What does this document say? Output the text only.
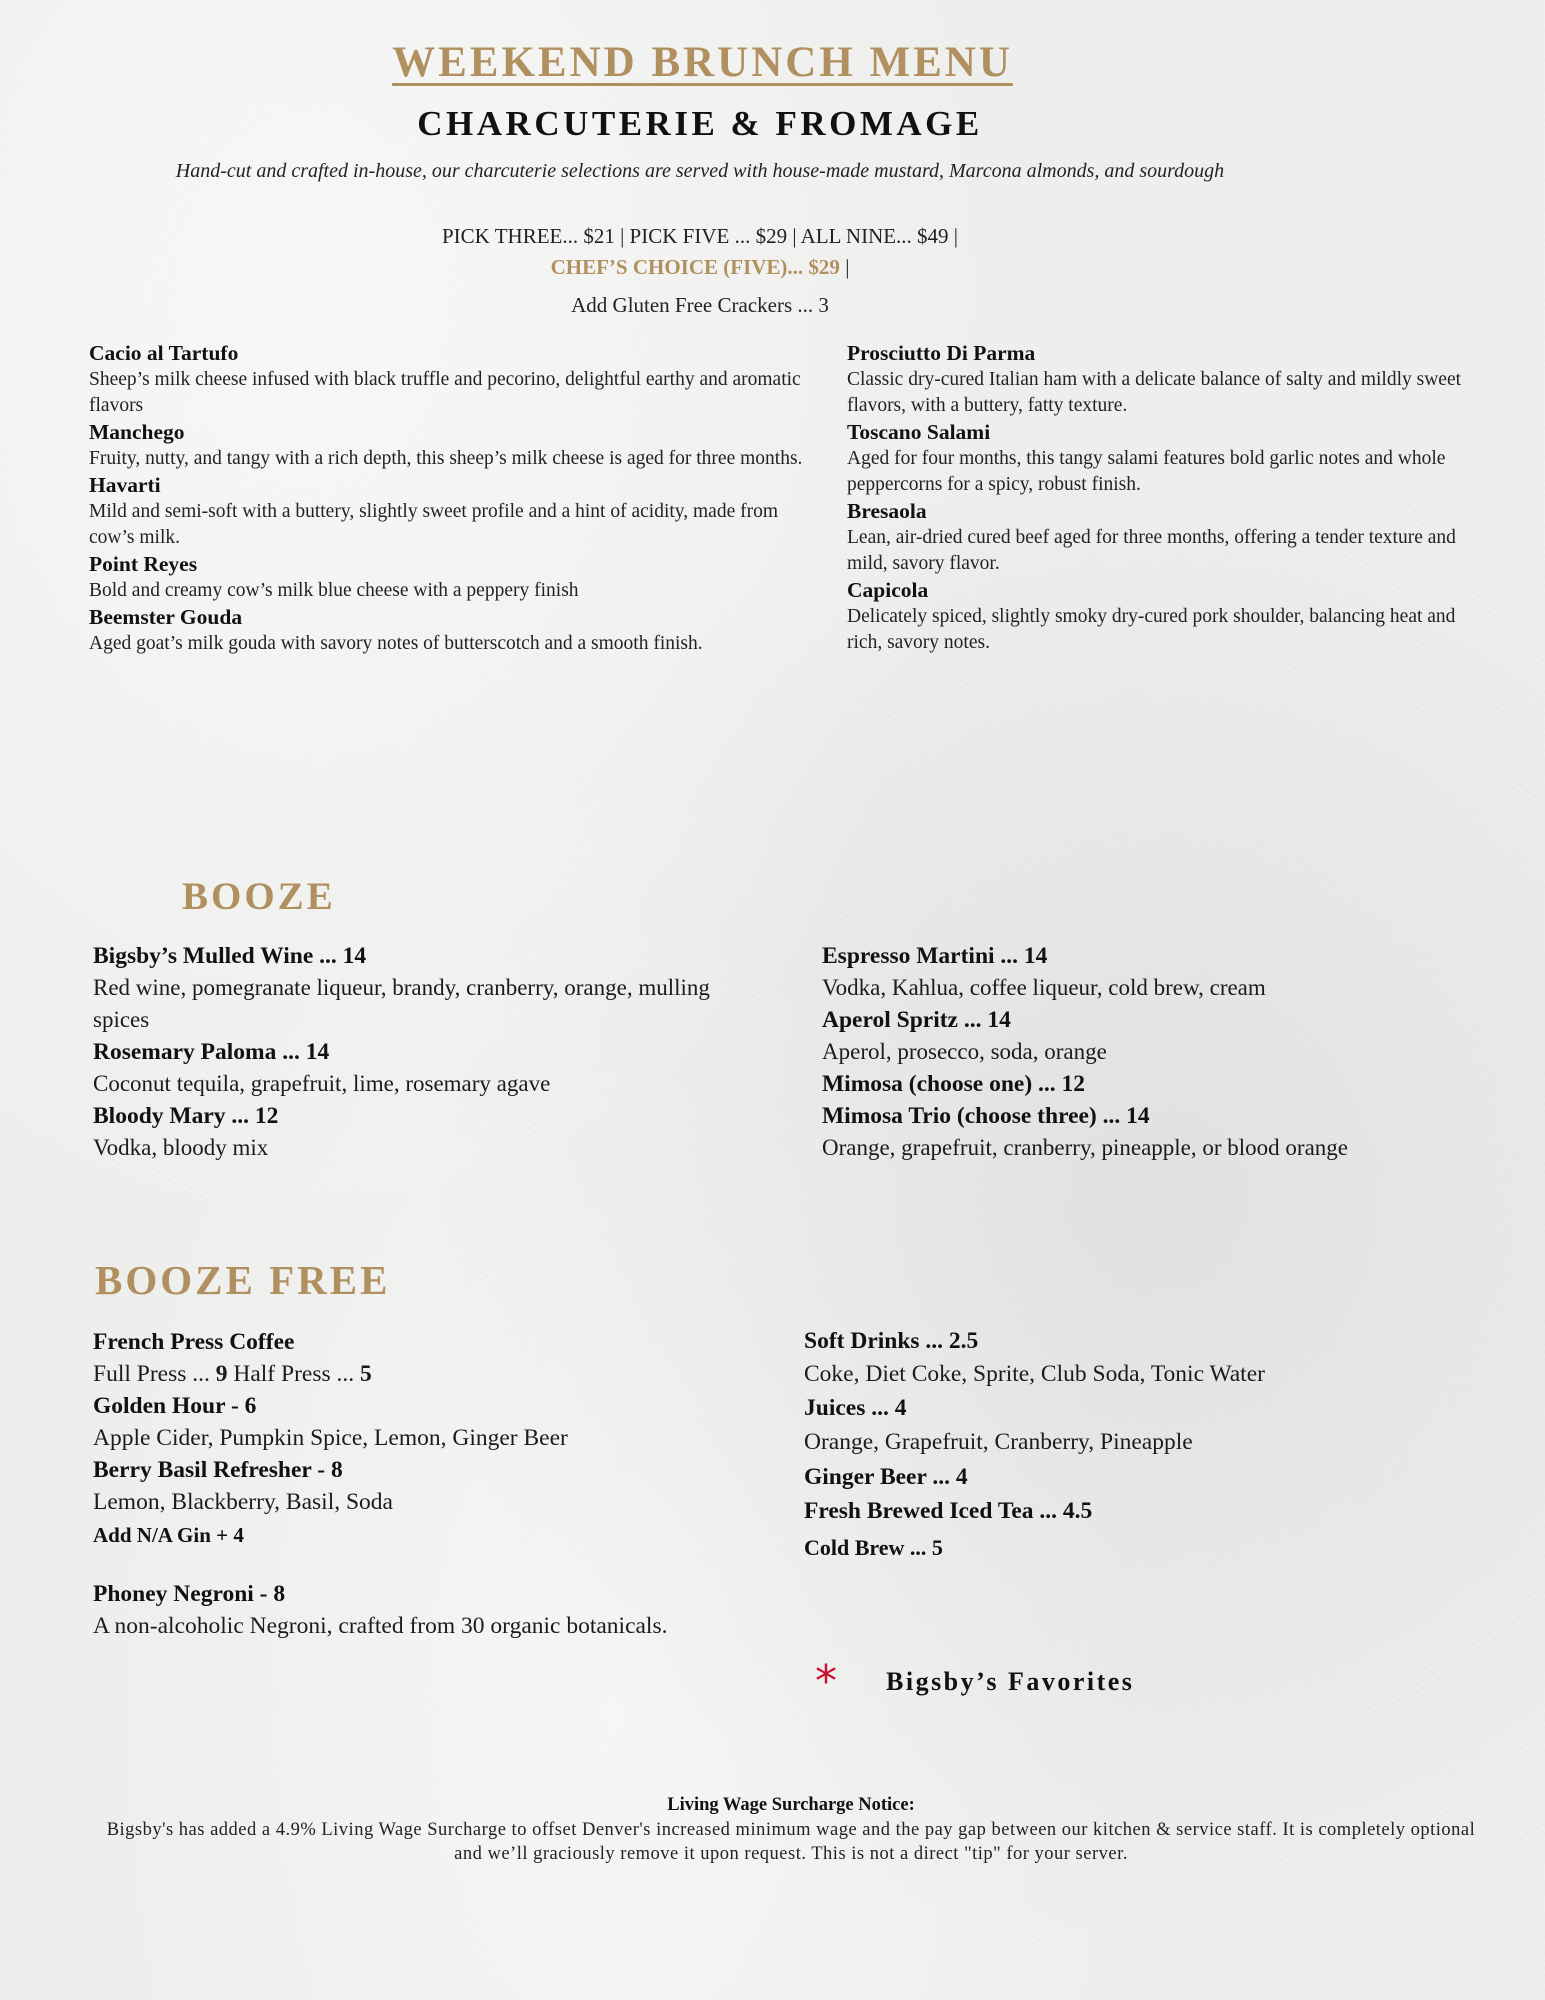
WEEKEND BRUNCH MENU
CHARCUTERIE & FROMAGE
Hand-cut and crafted in-house, our charcuterie selections are served with house-made mustard, Marcona almonds, and sourdough
PICK THREE... $21 | PICK FIVE ... $29 | ALL NINE... $49 |
CHEF’S CHOICE (FIVE)... $29 |
Add Gluten Free Crackers ... 3
Cacio al Tartufo
Sheep’s milk cheese infused with black truffle and pecorino, delightful earthy and aromatic flavors
Manchego
Fruity, nutty, and tangy with a rich depth, this sheep’s milk cheese is aged for three months.
Havarti
Mild and semi-soft with a buttery, slightly sweet profile and a hint of acidity, made from cow’s milk.
Point Reyes
Bold and creamy cow’s milk blue cheese with a peppery finish
Beemster Gouda
Aged goat’s milk gouda with savory notes of butterscotch and a smooth finish.
Prosciutto Di Parma
Classic dry-cured Italian ham with a delicate balance of salty and mildly sweet flavors, with a buttery, fatty texture.
Toscano Salami
Aged for four months, this tangy salami features bold garlic notes and whole peppercorns for a spicy, robust finish.
Bresaola
Lean, air-dried cured beef aged for three months, offering a tender texture and mild, savory flavor.
Capicola
Delicately spiced, slightly smoky dry-cured pork shoulder, balancing heat and rich, savory notes.
BOOZE
Bigsby’s Mulled Wine ... 14
Red wine, pomegranate liqueur, brandy, cranberry, orange, mulling spices
Rosemary Paloma ... 14
Coconut tequila, grapefruit, lime, rosemary agave
Bloody Mary ... 12
Vodka, bloody mix
Espresso Martini ... 14
Vodka, Kahlua, coffee liqueur, cold brew, cream
Aperol Spritz ... 14
Aperol, prosecco, soda, orange
Mimosa (choose one) ... 12
Mimosa Trio (choose three) ... 14
Orange, grapefruit, cranberry, pineapple, or blood orange
BOOZE FREE
French Press Coffee
Full Press ... 9 Half Press ... 5
Golden Hour - 6
Apple Cider, Pumpkin Spice, Lemon, Ginger Beer
Berry Basil Refresher - 8
Lemon, Blackberry, Basil, Soda
Add N/A Gin + 4
Phoney Negroni - 8
A non-alcoholic Negroni, crafted from 30 organic botanicals.
Soft Drinks ... 2.5
Coke, Diet Coke, Sprite, Club Soda, Tonic Water
Juices ... 4
Orange, Grapefruit, Cranberry, Pineapple
Ginger Beer ... 4
Fresh Brewed Iced Tea ... 4.5
Cold Brew ... 5
* Bigsby’s Favorites
Living Wage Surcharge Notice:
Bigsby's has added a 4.9% Living Wage Surcharge to offset Denver's increased minimum wage and the pay gap between our kitchen & service staff. It is completely optional and we’ll graciously remove it upon request. This is not a direct "tip" for your server.
